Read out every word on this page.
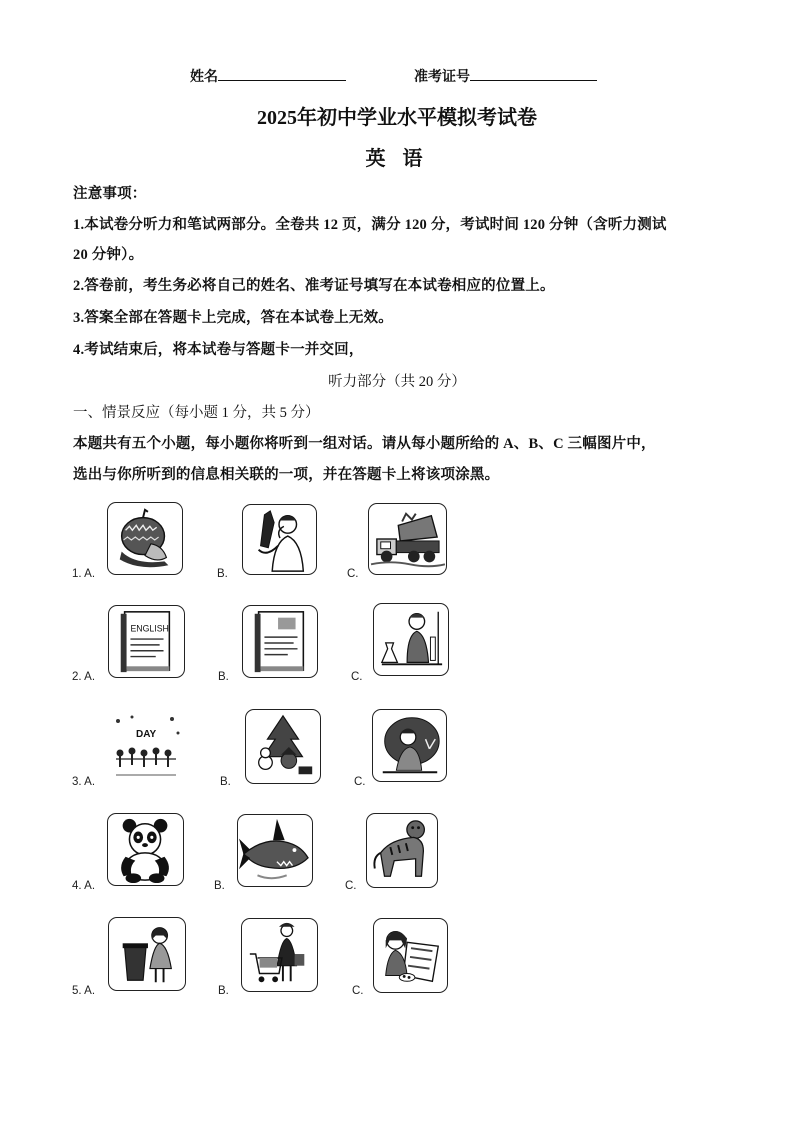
姓名	准考证号
2025年初中学业水平模拟考试卷
英 语
注意事项：
1.本试卷分听力和笔试两部分。全卷共 12 页，满分 120 分，考试时间 120 分钟（含听力测试
20 分钟）。
2.答卷前，考生务必将自己的姓名、准考证号填写在本试卷相应的位置上。
3.答案全部在答题卡上完成，答在本试卷上无效。
4.考试结束后，将本试卷与答题卡一并交回，
听力部分（共 20 分）
一、情景反应（每小题 1 分，共 5 分）
本题共有五个小题，每小题你将听到一组对话。请从每小题所给的 A、B、C 三幅图片中，
选出与你所听到的信息相关联的一项，并在答题卡上将该项涂黑。
1. A.	B.	C.
2. A.
ENGLISH
B.	C.
3. A.
DAY
B.	C.
4. A.	B.	C.
5. A.	B.	C.
